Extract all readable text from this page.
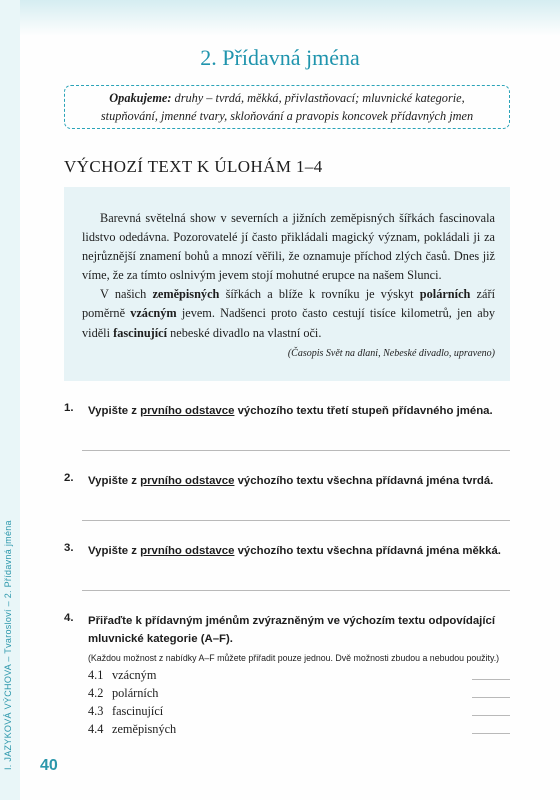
I. JAZYKOVÁ VÝCHOVA – Tvarosloví – 2. Přídavná jména 40
2. Přídavná jména
Opakujeme: druhy – tvrdá, měkká, přivlastňovací; mluvnické kategorie,
stupňování, jmenné tvary, skloňování a pravopis koncovek přídavných jmen
VÝCHOZÍ TEXT K ÚLOHÁM 1–4

Barevná světelná show v severních a jižních zeměpisných šířkách fascinovala lidstvo odedávna. Pozorovatelé jí často přikládali magický význam, pokládali ji za nejrůznější znamení bohů a mnozí věřili, že oznamuje příchod zlých časů. Dnes již víme, že za tímto oslnivým jevem stojí mohutné erupce na našem Slunci.

V našich zeměpisných šířkách a blíže k rovníku je výskyt polárních září poměrně vzácným jevem. Nadšenci proto často cestují tisíce kilometrů, jen aby viděli fascinující nebeské divadlo na vlastní oči.

(Časopis Svět na dlani, Nebeské divadlo, upraveno)
1. Vypište z prvního odstavce výchozího textu třetí stupeň přídavného jména.
2. Vypište z prvního odstavce výchozího textu všechna přídavná jména tvrdá.
3. Vypište z prvního odstavce výchozího textu všechna přídavná jména měkká.
4. Přiřaďte k přídavným jménům zvýrazněným ve výchozím textu odpovídající mluvnické kategorie (A–F).
(Každou možnost z nabídky A–F můžete přiřadit pouze jednou. Dvě možnosti zbudou a nebudou použity.)
4.1 vzácným
4.2 polárních
4.3 fascinující
4.4 zeměpisných
